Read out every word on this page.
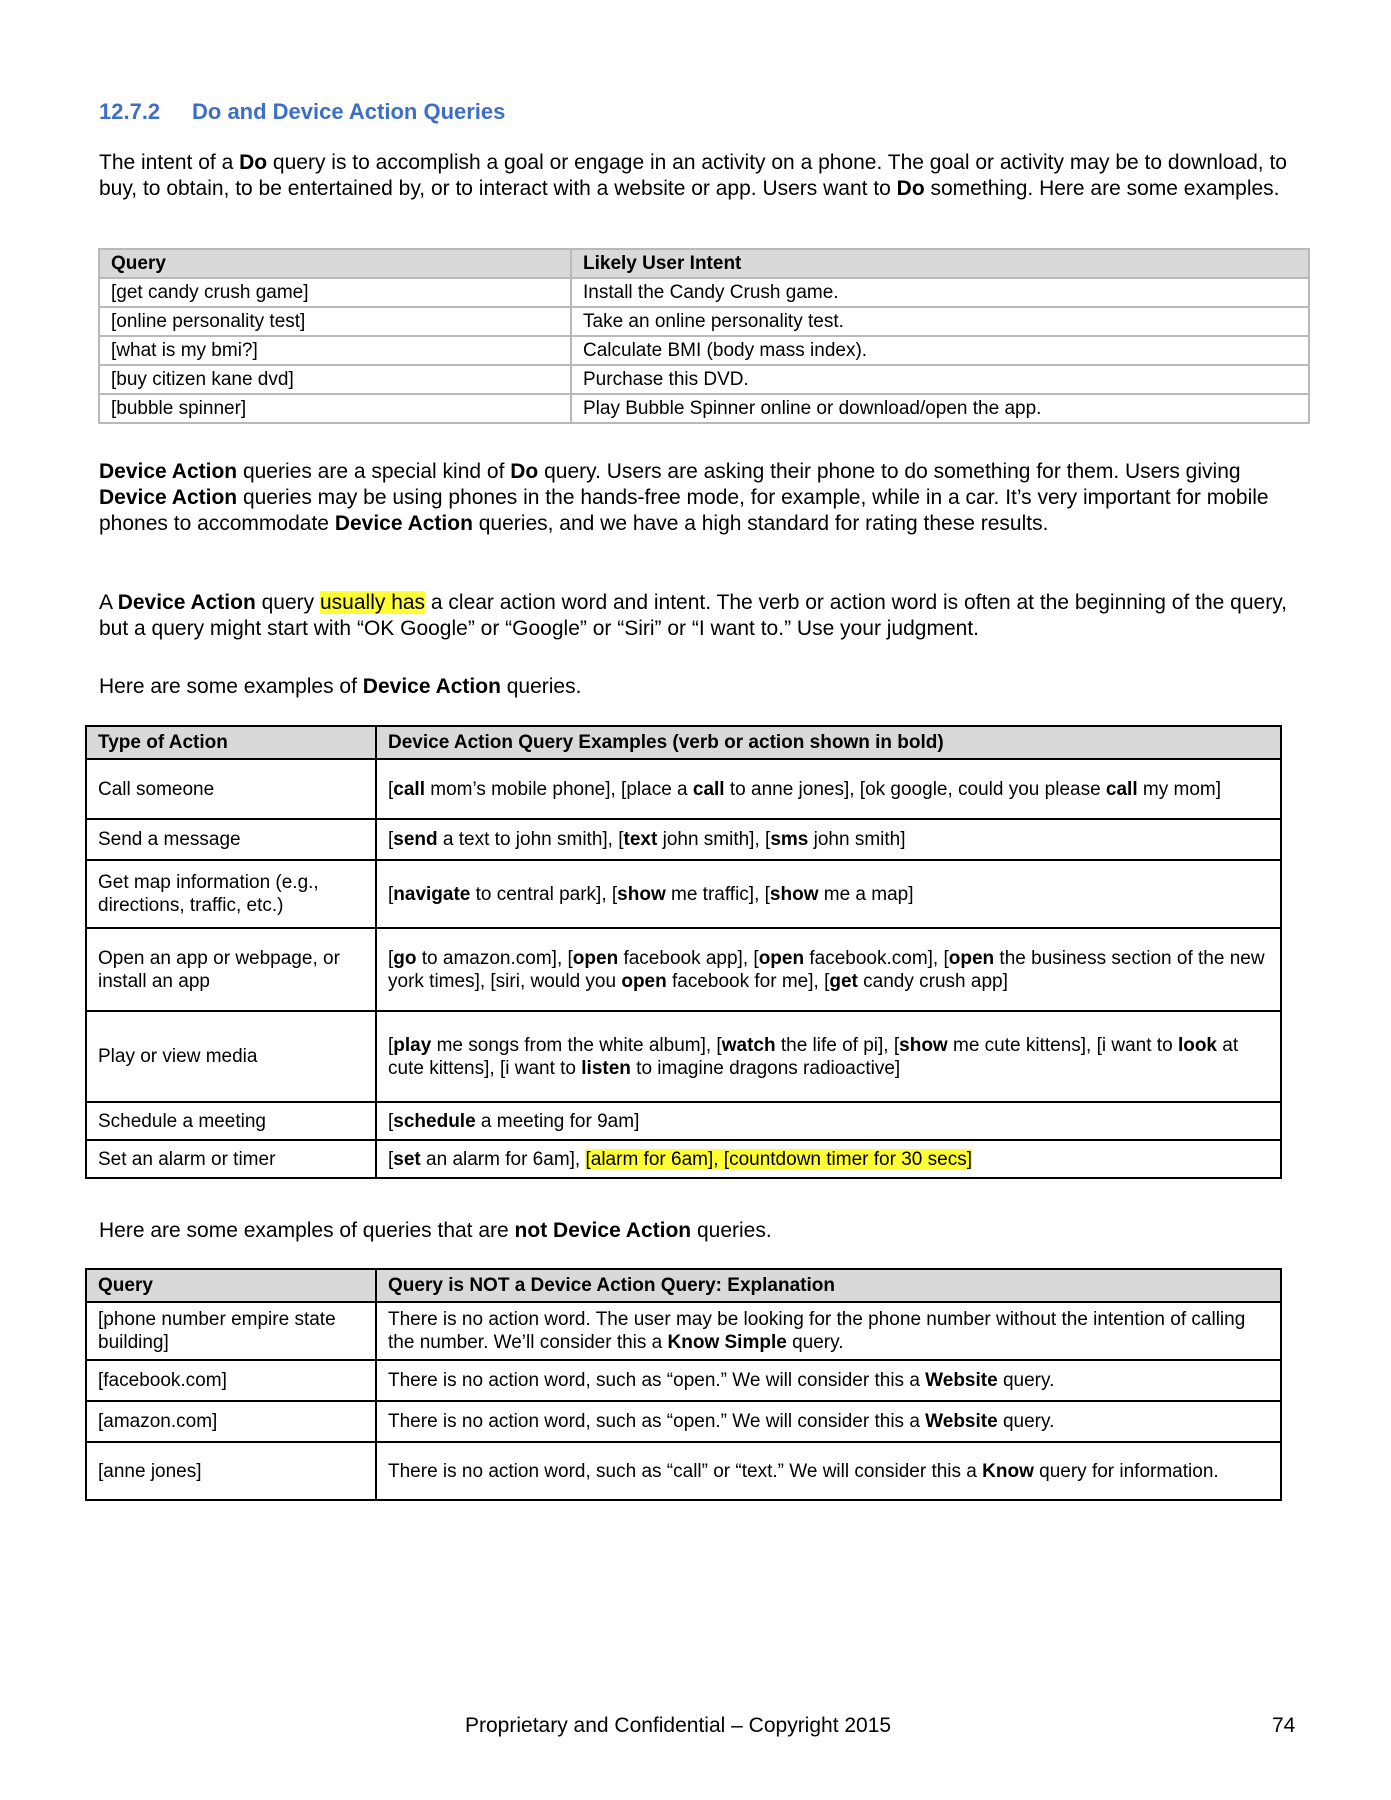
12.7.2 Do and Device Action Queries
The intent of a Do query is to accomplish a goal or engage in an activity on a phone. The goal or activity may be to download, to buy, to obtain, to be entertained by, or to interact with a website or app. Users want to Do something. Here are some examples.
Query	Likely User Intent
[get candy crush game]	Install the Candy Crush game.
[online personality test]	Take an online personality test.
[what is my bmi?]	Calculate BMI (body mass index).
[buy citizen kane dvd]	Purchase this DVD.
[bubble spinner]	Play Bubble Spinner online or download/open the app.
Device Action queries are a special kind of Do query. Users are asking their phone to do something for them. Users giving Device Action queries may be using phones in the hands-free mode, for example, while in a car. It’s very important for mobile phones to accommodate Device Action queries, and we have a high standard for rating these results.
A Device Action query usually has a clear action word and intent. The verb or action word is often at the beginning of the query, but a query might start with “OK Google” or “Google” or “Siri” or “I want to.” Use your judgment.
Here are some examples of Device Action queries.
Type of Action	Device Action Query Examples (verb or action shown in bold)
Call someone	[call mom’s mobile phone], [place a call to anne jones], [ok google, could you please call my mom]
Send a message	[send a text to john smith], [text john smith], [sms john smith]
Get map information (e.g., directions, traffic, etc.)	[navigate to central park], [show me traffic], [show me a map]
Open an app or webpage, or install an app	[go to amazon.com], [open facebook app], [open facebook.com], [open the business section of the new york times], [siri, would you open facebook for me], [get candy crush app]
Play or view media	[play me songs from the white album], [watch the life of pi], [show me cute kittens], [i want to look at cute kittens], [i want to listen to imagine dragons radioactive]
Schedule a meeting	[schedule a meeting for 9am]
Set an alarm or timer	[set an alarm for 6am], [alarm for 6am], [countdown timer for 30 secs]
Here are some examples of queries that are not Device Action queries.
Query	Query is NOT a Device Action Query: Explanation
[phone number empire state building]	There is no action word. The user may be looking for the phone number without the intention of calling the number. We’ll consider this a Know Simple query.
[facebook.com]	There is no action word, such as “open.” We will consider this a Website query.
[amazon.com]	There is no action word, such as “open.” We will consider this a Website query.
[anne jones]	There is no action word, such as “call” or “text.” We will consider this a Know query for information.
Proprietary and Confidential – Copyright 2015	74
